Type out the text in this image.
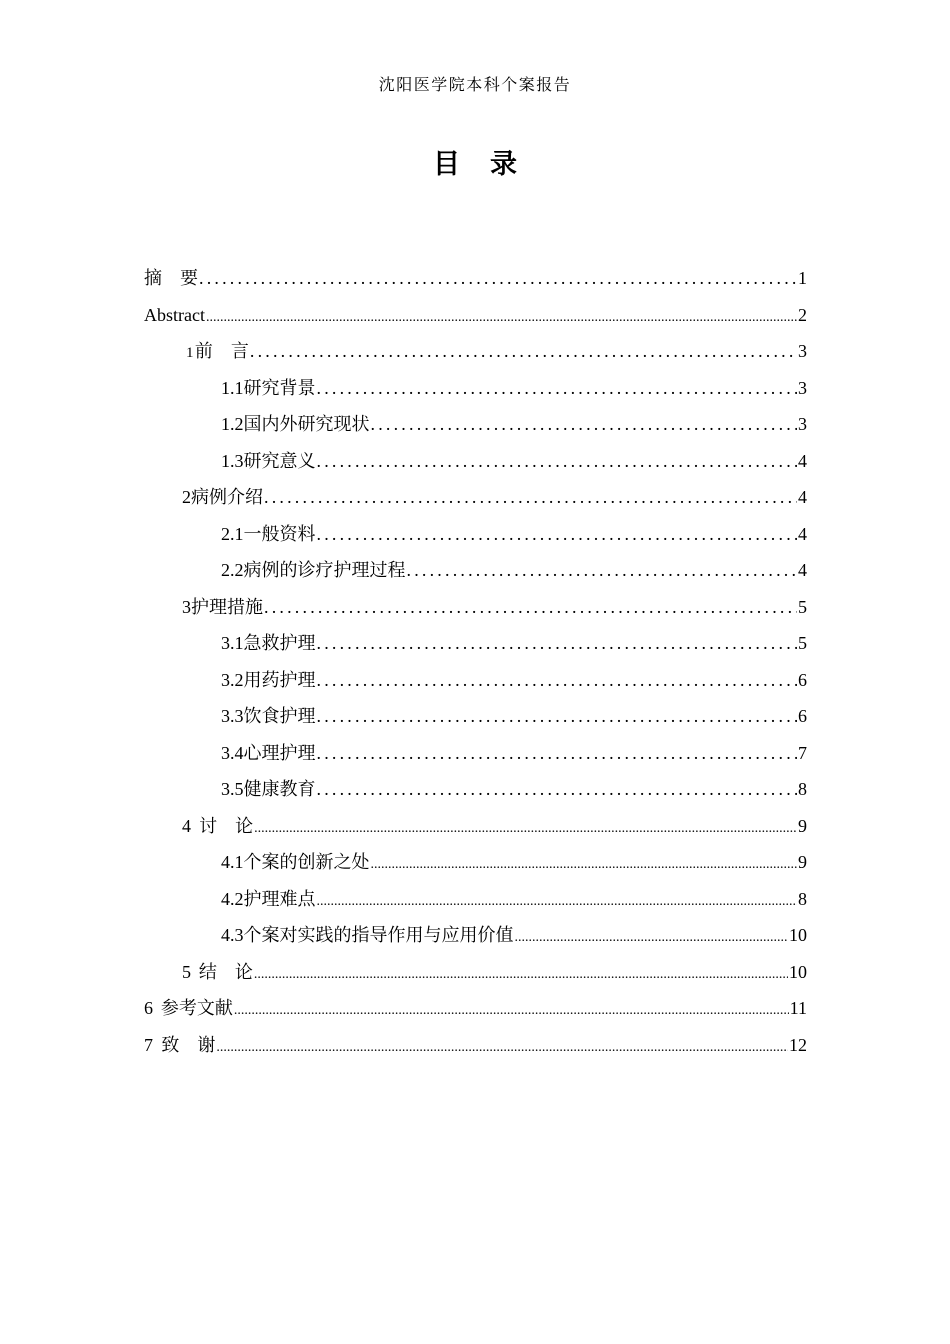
沈阳医学院本科个案报告
目 录
摘　要 .....	1
Abstract .....	2
1 前　言 .....	3
1.1 研究背景 .....	3
1.2 国内外研究现状 .....	3
1.3 研究意义 .....	4
2 病例介绍 .....	4
2.1 一般资料 .....	4
2.2 病例的诊疗护理过程 .....	4
3 护理措施 .....	5
3.1 急救护理 .....	5
3.2 用药护理 .....	6
3.3 饮食护理 .....	6
3.4 心理护理 .....	7
3.5 健康教育 .....	8
4 讨　论 .....	9
4.1 个案的创新之处 .....	9
4.2 护理难点 .....	8
4.3 个案对实践的指导作用与应用价值 .....	10
5 结　论 .....	10
6 参考文献 .....	11
7 致　谢 .....	12
